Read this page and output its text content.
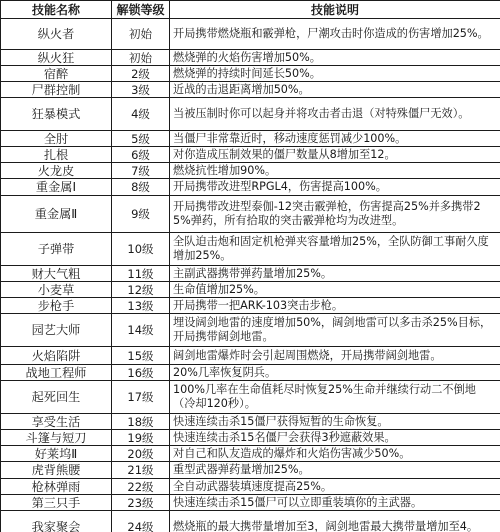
技能名称	解锁等级	技能说明
纵火者	初始	开局携带燃烧瓶和霰弹枪，尸潮攻击时你造成的伤害增加25%。
纵火狂	初始	燃烧弹的火焰伤害增加50%。
宿醉	2级	燃烧弹的持续时间延长50%。
尸群控制	3级	近战的击退距离增加50%。
狂暴模式	4级	当被压制时你可以起身并将攻击者击退（对特殊僵尸无效）。
全肘	5级	当僵尸非常靠近时，移动速度惩罚减少100%。
扎根	6级	对你造成压制效果的僵尸数量从8增加至12。
火龙皮	7级	燃烧抗性增加90%。
重金属Ⅰ	8级	开局携带改进型RPGL4，伤害提高100%。
重金属Ⅱ	9级	开局携带改进型泰伽-12突击霰弹枪，伤害提高25%并多携带25%弹药，所有拾取的突击霰弹枪均为改进型。
子弹带	10级	全队迫击炮和固定机枪弹夹容量增加25%，全队防御工事耐久度增加25%。
财大气粗	11级	主副武器携带弹药量增加25%。
小麦草	12级	生命值增加25%。
步枪手	13级	开局携带一把ARK-103突击步枪。
园艺大师	14级	埋设阔剑地雷的速度增加50%，阔剑地雷可以多击杀25%目标，开局携带阔剑地雷。
火焰陷阱	15级	阔剑地雷爆炸时会引起周围燃烧，开局携带阔剑地雷。
战地工程师	16级	20%几率恢复阴兵。
起死回生	17级	100%几率在生命值耗尽时恢复25%生命并继续行动二不倒地（冷却120秒）。
享受生活	18级	快速连续击杀15僵尸获得短暂的生命恢复。
斗篷与短刀	19级	快速连续击杀15名僵尸会获得3秒遮蔽效果。
好莱坞Ⅱ	20级	对自己和队友造成的爆炸和火焰伤害减少50%。
虎背熊腰	21级	重型武器弹药量增加25%。
枪林弹雨	22级	全自动武器装填速度提高25%。
第三只手	23级	快速连续击杀15僵尸可以立即重装填你的主武器。
我家聚会	24级	燃烧瓶的最大携带量增加至3，阔剑地雷最大携带量增加至4。
